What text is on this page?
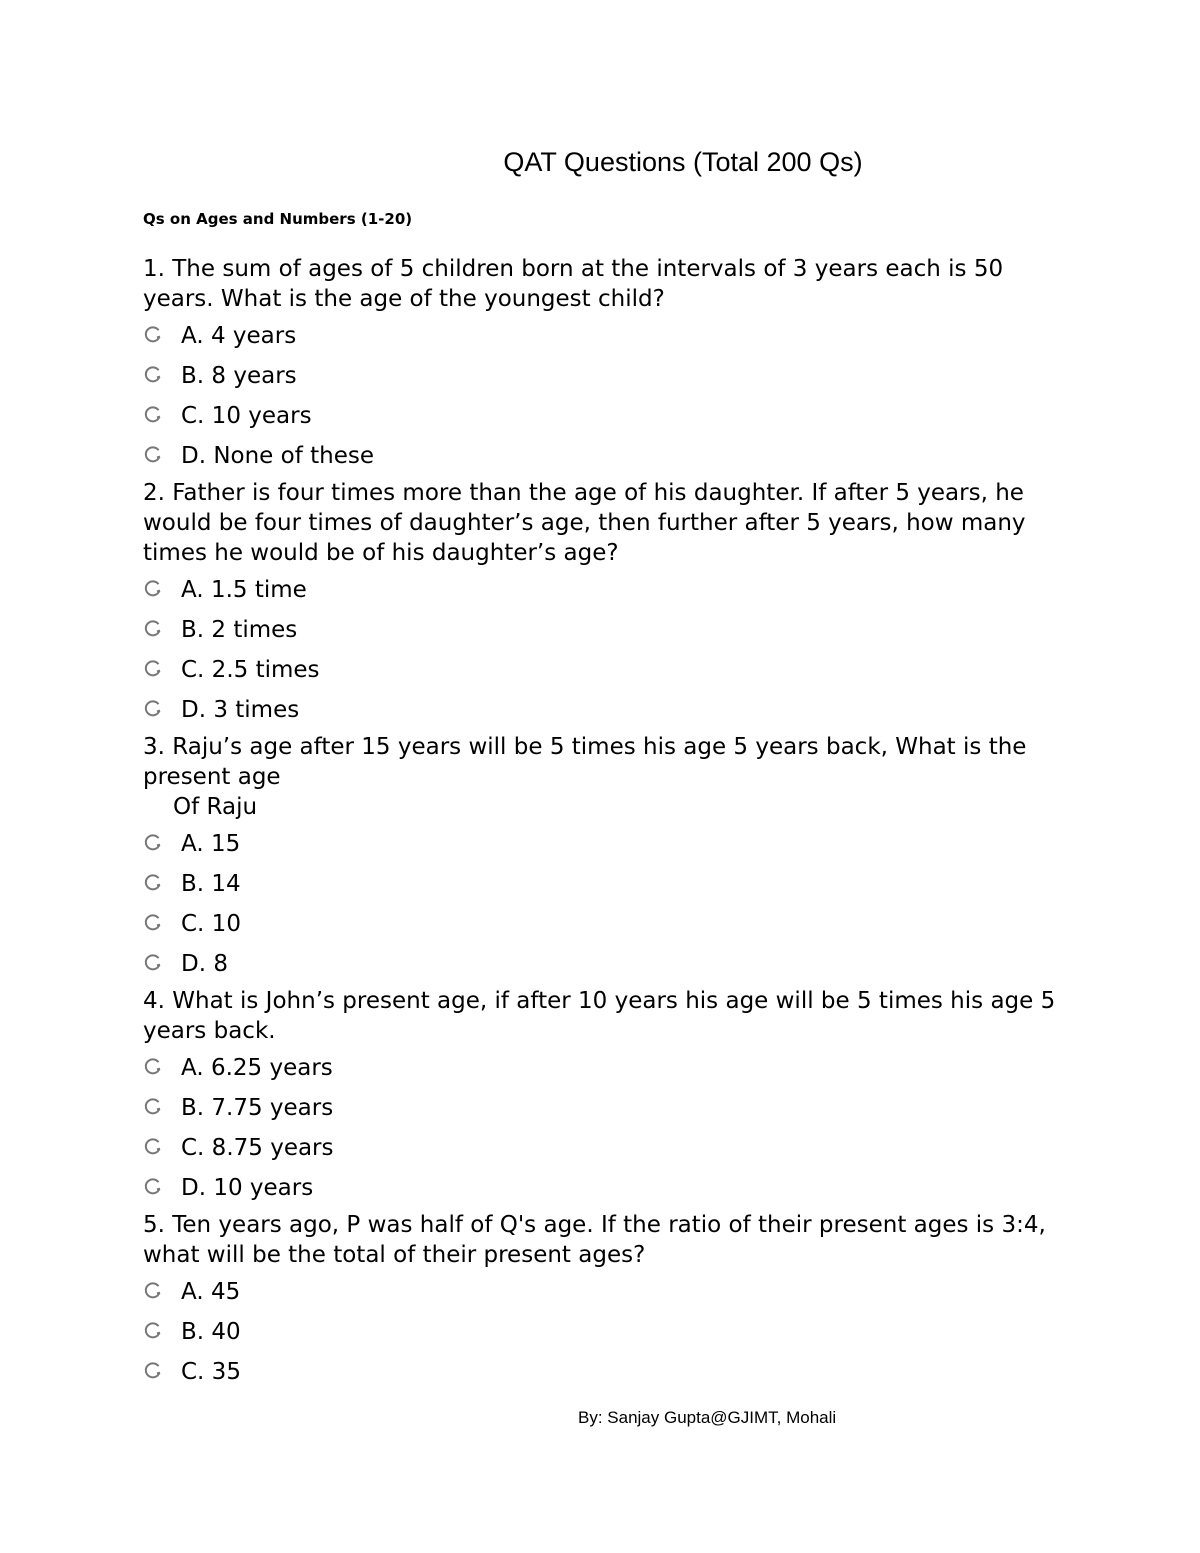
QAT Questions (Total 200 Qs)
Qs on Ages and Numbers (1-20)

1. The sum of ages of 5 children born at the intervals of 3 years each is 50 years. What is the age of the youngest child?

A. 4 years
B. 8 years
C. 10 years
D. None of these

2. Father is four times more than the age of his daughter. If after 5 years, he would be four times of daughter’s age, then further after 5 years, how many times he would be of his daughter’s age?

A. 1.5 time
B. 2 times
C. 2.5 times
D. 3 times

3. Raju’s age after 15 years will be 5 times his age 5 years back, What is the present age
Of Raju

A. 15
B. 14
C. 10
D. 8

4. What is John’s present age, if after 10 years his age will be 5 times his age 5 years back.

A. 6.25 years
B. 7.75 years
C. 8.75 years
D. 10 years

5. Ten years ago, P was half of Q's age. If the ratio of their present ages is 3:4, what will be the total of their present ages?

A. 45
B. 40
C. 35
By: Sanjay Gupta@GJIMT, Mohali
